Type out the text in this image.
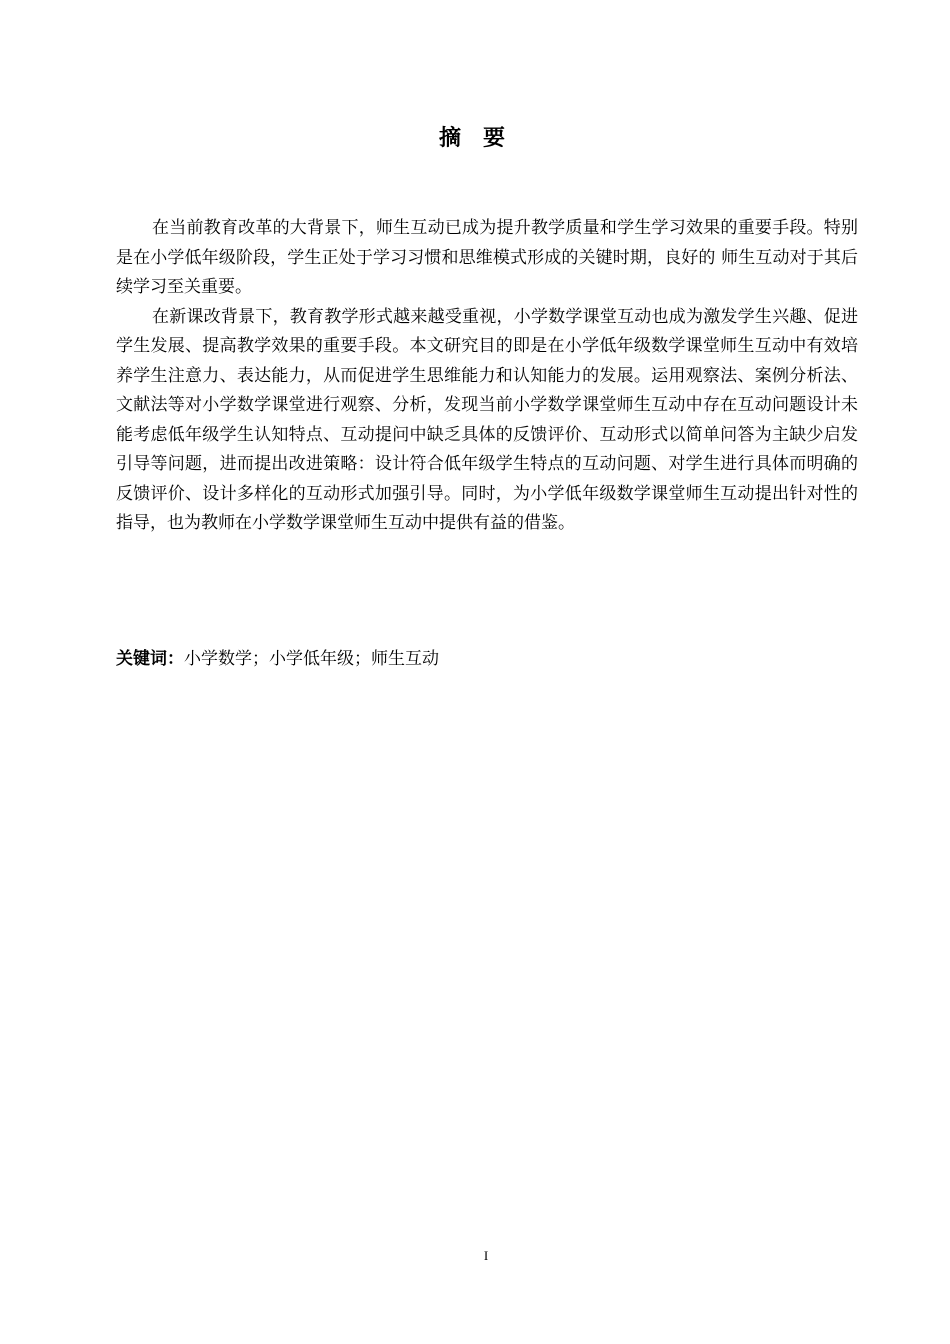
摘要

在当前教育改革的大背景下，师生互动已成为提升教学质量和学生学习效果的重要手段。特别是在小学低年级阶段，学生正处于学习习惯和思维模式形成的关键时期，良好的 师生互动对于其后续学习至关重要。

在新课改背景下，教育教学形式越来越受重视，小学数学课堂互动也成为激发学生兴趣、促进学生发展、提高教学效果的重要手段。本文研究目的即是在小学低年级数学课堂师生互动中有效培养学生注意力、表达能力，从而促进学生思维能力和认知能力的发展。运用观察法、案例分析法、文献法等对小学数学课堂进行观察、分析，发现当前小学数学课堂师生互动中存在互动问题设计未能考虑低年级学生认知特点、互动提问中缺乏具体的反馈评价、互动形式以简单问答为主缺少启发引导等问题，进而提出改进策略：设计符合低年级学生特点的互动问题、对学生进行具体而明确的反馈评价、设计多样化的互动形式加强引导。同时，为小学低年级数学课堂师生互动提出针对性的指导，也为教师在小学数学课堂师生互动中提供有益的借鉴。

关键词：小学数学；小学低年级；师生互动
I
